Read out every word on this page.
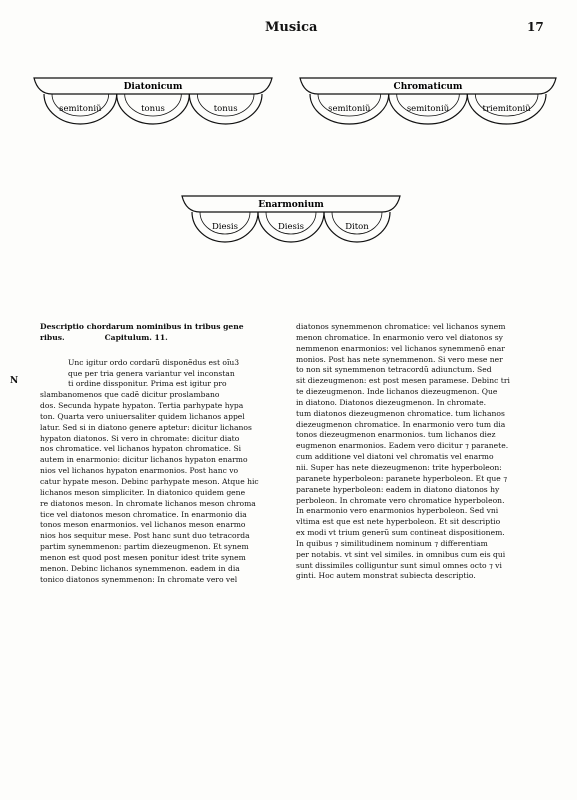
Musica	17
Diatonicum
semitoniũ	tonus	tonus
Chromaticum
semitoniũ	semitoniũ	triemitoniũ
Enarmonium
Diesis	Diesis	Diton
Descriptio chordarum nominibus in tribus gene
ribus.	Capitulum. 11.
Unc igitur ordo cordarũ disponẽdus est oĩu3
que per tria genera variantur vel inconstan
ti ordine dissponitur. Prima est igitur pro
slambanomenos que cadẽ dicitur proslambano
dos. Secunda hypate hypaton. Tertia parhypate hypa
ton. Quarta vero uniuersaliter quidem lichanos appel
latur. Sed si in diatono genere aptetur: dicitur lichanos
hypaton diatonos. Si vero in chromate: dicitur diato
nos chromatice. vel lichanos hypaton chromatice. Si
autem in enarmonio: dicitur lichanos hypaton enarmo
nios vel lichanos hypaton enarmonios. Post hanc vo
catur hypate meson. Debinc parhypate meson. Atque hic
lichanos meson simpliciter. In diatonico quidem gene
re diatonos meson. In chromate lichanos meson chroma
tice vel diatonos meson chromatice. In enarmonio dia
tonos meson enarmonios. vel lichanos meson enarmo
nios hos sequitur mese. Post hanc sunt duo tetracorda
partim synemmenon: partim diezeugmenon. Et synem
menon est quod post mesen ponitur idest trite synem
menon. Debinc lichanos synemmenon. eadem in dia
tonico diatonos synemmenon: In chromate vero vel
N
diatonos synemmenon chromatice: vel lichanos synem
menon chromatice. In enarmonio vero vel diatonos sy
nemmenon enarmonios: vel lichanos synemmenõ enar
monios. Post has nete synemmenon. Si vero mese ner
to non sit synemmenon tetracordũ adiunctum. Sed
sit diezeugmenon: est post mesen paramese. Debinc tri
te diezeugmenon. Inde lichanos diezeugmenon. Que
in diatono. Diatonos diezeugmenon. In chromate.
tum diatonos diezeugmenon chromatice. tum lichanos
diezeugmenon chromatice. In enarmonio vero tum dia
tonos diezeugmenon enarmonios. tum lichanos diez
eugmenon enarmonios. Eadem vero dicitur ⁊ paranete.
cum additione vel diatoni vel chromatis vel enarmo
nii. Super has nete diezeugmenon: trite hyperboleon:
paranete hyperboleon: paranete hyperboleon. Et que ⁊
paranete hyperboleon: eadem in diatono diatonos hy
perboleon. In chromate vero chromatice hyperboleon.
In enarmonio vero enarmonios hyperboleon. Sed vni
vltima est que est nete hyperboleon. Et sit descriptio
ex modi vt trium generũ sum contineat dispositionem.
In quibus ⁊ similitudinem nominum ⁊ differentiam
per notabis. vt sint vel similes. in omnibus cum eis qui
sunt dissimiles colliguntur sunt simul omnes octo ⁊ vi
ginti. Hoc autem monstrat subiecta descriptio.
